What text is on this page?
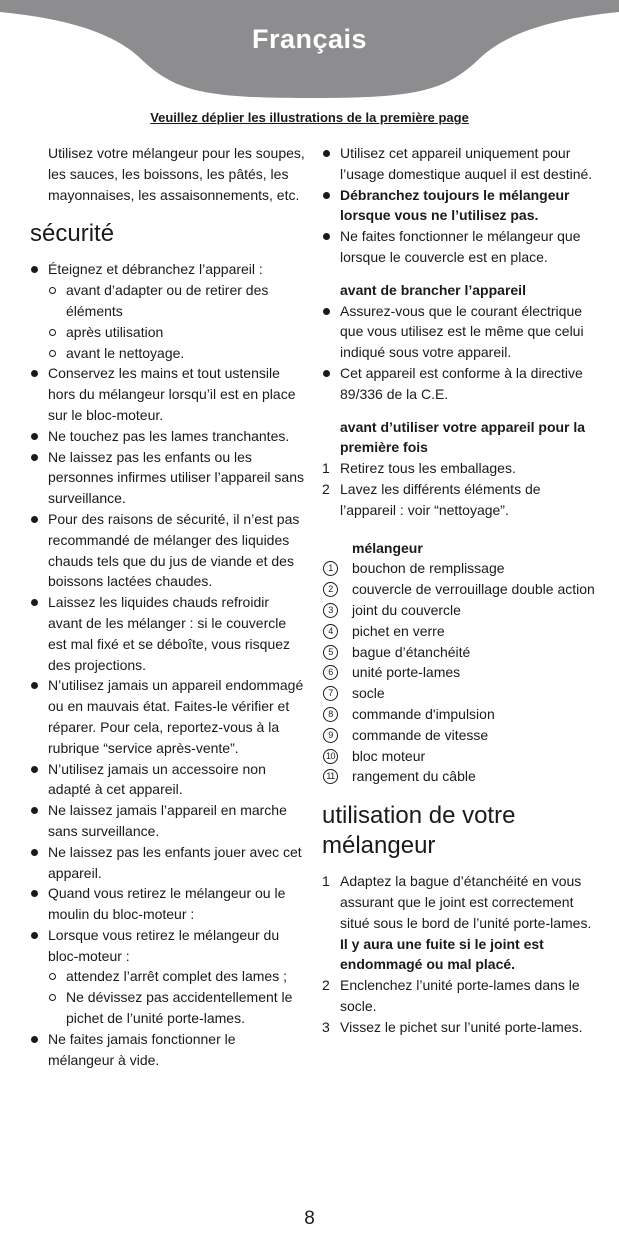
Français
Veuillez déplier les illustrations de la première page

Utilisez votre mélangeur pour les soupes, les sauces, les boissons, les pâtés, les mayonnaises, les assaisonnements, etc.

sécurité
Éteignez et débranchez l’appareil :
avant d’adapter ou de retirer des éléments
après utilisation
avant le nettoyage.
Conservez les mains et tout ustensile hors du mélangeur lorsqu’il est en place sur le bloc-moteur.
Ne touchez pas les lames tranchantes.
Ne laissez pas les enfants ou les personnes infirmes utiliser l’appareil sans surveillance.
Pour des raisons de sécurité, il n’est pas recommandé de mélanger des liquides chauds tels que du jus de viande et des boissons lactées chaudes.
Laissez les liquides chauds refroidir avant de les mélanger : si le couvercle est mal fixé et se déboîte, vous risquez des projections.
N’utilisez jamais un appareil endommagé ou en mauvais état. Faites-le vérifier et réparer. Pour cela, reportez-vous à la rubrique “service après-vente”.
N’utilisez jamais un accessoire non adapté à cet appareil.
Ne laissez jamais l’appareil en marche sans surveillance.
Ne laissez pas les enfants jouer avec cet appareil.
Quand vous retirez le mélangeur ou le moulin du bloc-moteur :
Lorsque vous retirez le mélangeur du bloc-moteur :
attendez l’arrêt complet des lames ;
Ne dévissez pas accidentellement le pichet de l’unité porte-lames.
Ne faites jamais fonctionner le mélangeur à vide.
Utilisez cet appareil uniquement pour l’usage domestique auquel il est destiné.
Débranchez toujours le mélangeur lorsque vous ne l’utilisez pas.
Ne faites fonctionner le mélangeur que lorsque le couvercle est en place.

avant de brancher l’appareil

Assurez-vous que le courant électrique que vous utilisez est le même que celui indiqué sous votre appareil.
Cet appareil est conforme à la directive 89/336 de la C.E.

avant d’utiliser votre appareil pour la première fois

1 Retirez tous les emballages.
2 Lavez les différents éléments de l’appareil : voir “nettoyage”.

mélangeur

1	bouchon de remplissage
2	couvercle de verrouillage double action
3	joint du couvercle
4	pichet en verre
5	bague d’étanchéité
6	unité porte-lames
7	socle
8	commande d'impulsion
9	commande de vitesse
10 bloc moteur
11 rangement du câble
utilisation de votre mélangeur
1 Adaptez la bague d’étanchéité en vous assurant que le joint est correctement situé sous le bord de l’unité porte-lames. Il y aura une fuite si le joint est endommagé ou mal placé.
2 Enclenchez l’unité porte-lames dans le socle.
3 Vissez le pichet sur l’unité porte-lames.
8
